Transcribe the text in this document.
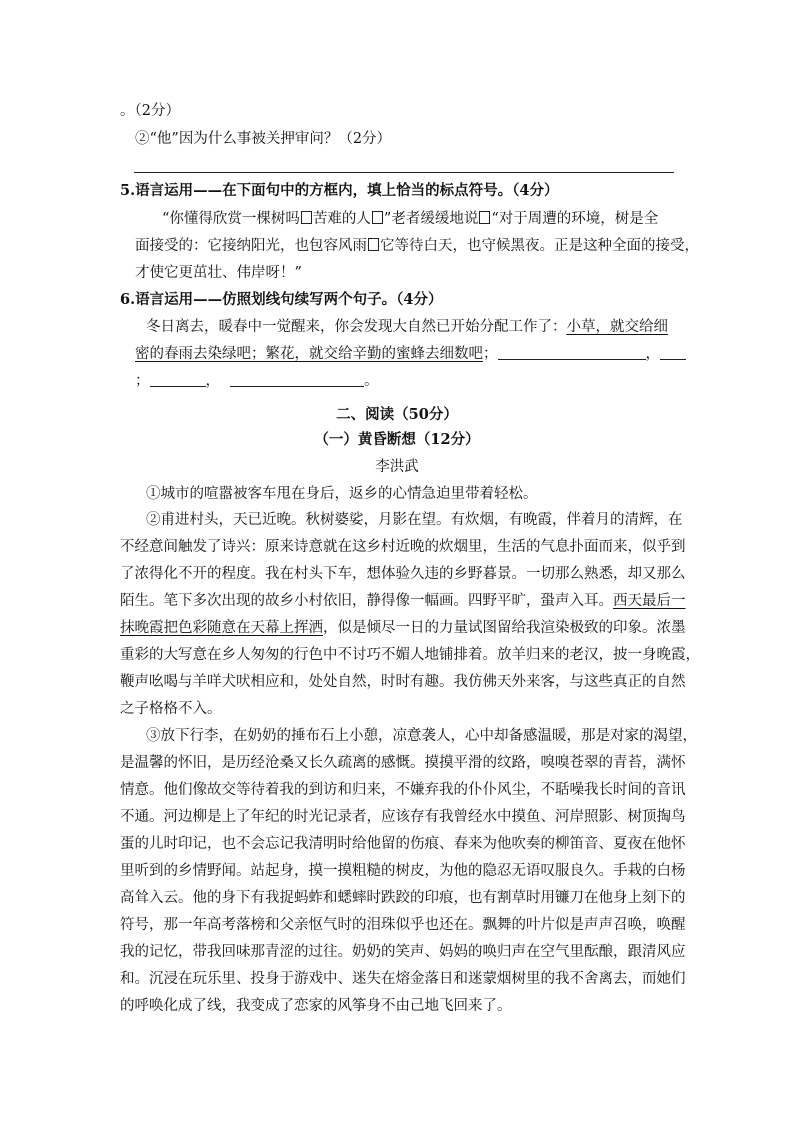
。（2分）
②“他”因为什么事被关押审问？（2分）
5.语言运用——在下面句中的方框内，填上恰当的标点符号。（4分）
“你懂得欣赏一棵树吗 苦难的人 ”老者缓缓地说 “对于周遭的环境，树是全
面接受的：它接纳阳光，也包容风雨 它等待白天，也守候黑夜。正是这种全面的接受，
才使它更茁壮、伟岸呀！”
6.语言运用——仿照划线句续写两个句子。（4分）
冬日离去，暖春中一觉醒来，你会发现大自然已开始分配工作了：小草，就交给细
密的春雨去染绿吧；繁花，就交给辛勤的蜜蜂去细数吧；	，
；	，	。
二、阅读（50分）
（一）黄昏断想（12分）
李洪武
①城市的喧嚣被客车甩在身后，返乡的心情急迫里带着轻松。
②甫进村头，天已近晚。秋树婆娑，月影在望。有炊烟，有晚霞，伴着月的清辉，在
不经意间触发了诗兴：原来诗意就在这乡村近晚的炊烟里，生活的气息扑面而来，似乎到
了浓得化不开的程度。我在村头下车，想体验久违的乡野暮景。一切那么熟悉，却又那么
陌生。笔下多次出现的故乡小村依旧，静得像一幅画。四野平旷，蛩声入耳。西天最后一
抹晚霞把色彩随意在天幕上挥洒，似是倾尽一日的力量试图留给我渲染极致的印象。浓墨
重彩的大写意在乡人匆匆的行色中不讨巧不媚人地铺排着。放羊归来的老汉，披一身晚霞，
鞭声吆喝与羊咩犬吠相应和，处处自然，时时有趣。我仿佛天外来客，与这些真正的自然
之子格格不入。
③放下行李，在奶奶的捶布石上小憩，凉意袭人，心中却备感温暖，那是对家的渴望，
是温馨的怀旧，是历经沧桑又长久疏离的感慨。摸摸平滑的纹路，嗅嗅苍翠的青苔，满怀
情意。他们像故交等待着我的到访和归来，不嫌弃我的仆仆风尘，不聒噪我长时间的音讯
不通。河边柳是上了年纪的时光记录者，应该存有我曾经水中摸鱼、河岸照影、树顶掏鸟
蛋的儿时印记，也不会忘记我清明时给他留的伤痕、春来为他吹奏的柳笛音、夏夜在他怀
里听到的乡情野闻。站起身，摸一摸粗糙的树皮，为他的隐忍无语叹服良久。手栽的白杨
高耸入云。他的身下有我捉蚂蚱和蟋蟀时跌跤的印痕，也有割草时用镰刀在他身上刻下的
符号，那一年高考落榜和父亲怄气时的泪珠似乎也还在。飘舞的叶片似是声声召唤，唤醒
我的记忆，带我回味那青涩的过往。奶奶的笑声、妈妈的唤归声在空气里酝酿，跟清风应
和。沉浸在玩乐里、投身于游戏中、迷失在熔金落日和迷蒙烟树里的我不舍离去，而她们
的呼唤化成了线，我变成了恋家的风筝身不由己地飞回来了。
